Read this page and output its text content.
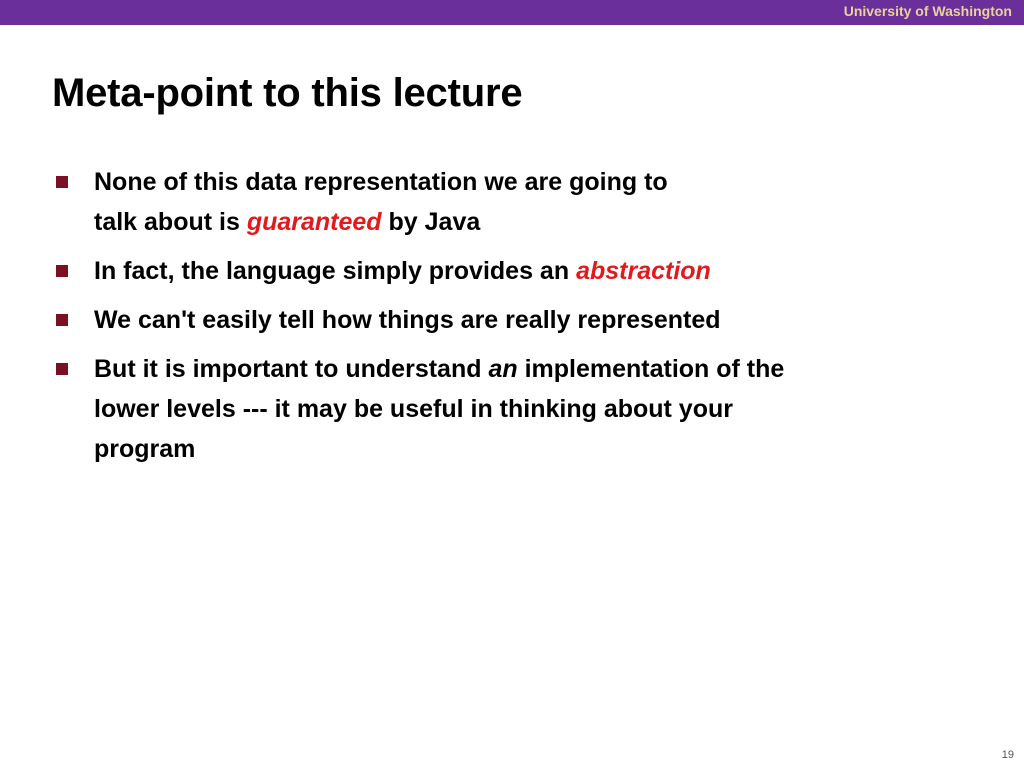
University of Washington
Meta-point to this lecture
None of this data representation we are going to
talk about is guaranteed by Java
In fact, the language simply provides an abstraction
We can't easily tell how things are really represented
But it is important to understand an implementation of the
lower levels --- it may be useful in thinking about your
program
19
